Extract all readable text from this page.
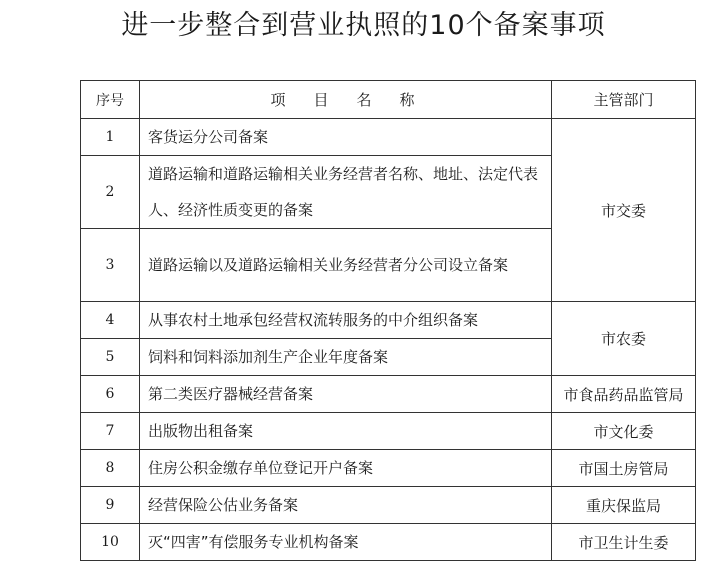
进一步整合到营业执照的10个备案事项
序号	项目名称	主管部门
1	客货运分公司备案	市交委
2	道路运输和道路运输相关业务经营者名称、地址、法定代表人、经济性质变更的备案	
3	道路运输以及道路运输相关业务经营者分公司设立备案	
4	从事农村土地承包经营权流转服务的中介组织备案	市农委
5	饲料和饲料添加剂生产企业年度备案	
6	第二类医疗器械经营备案	市食品药品监管局
7	出版物出租备案	市文化委
8	住房公积金缴存单位登记开户备案	市国土房管局
9	经营保险公估业务备案	重庆保监局
10	灭“四害”有偿服务专业机构备案	市卫生计生委
